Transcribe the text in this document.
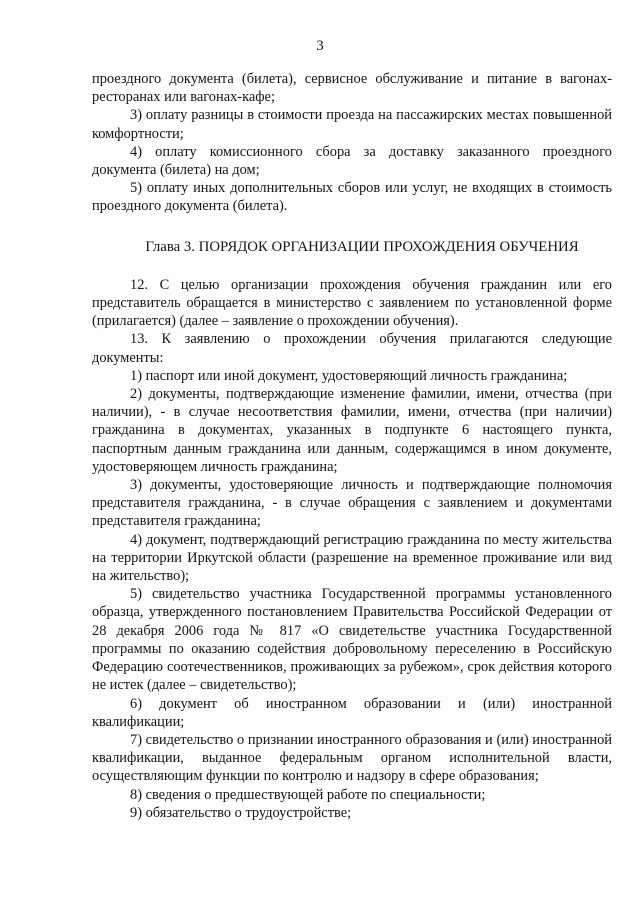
3

проездного документа (билета), сервисное обслуживание и питание в вагонах-ресторанах или вагонах-кафе;

3) оплату разницы в стоимости проезда на пассажирских местах повышенной комфортности;

4) оплату комиссионного сбора за доставку заказанного проездного документа (билета) на дом;

5) оплату иных дополнительных сборов или услуг, не входящих в стоимость проездного документа (билета).

Глава 3. ПОРЯДОК ОРГАНИЗАЦИИ ПРОХОЖДЕНИЯ ОБУЧЕНИЯ

12. С целью организации прохождения обучения гражданин или его представитель обращается в министерство с заявлением по установленной форме (прилагается) (далее – заявление о прохождении обучения).

13. К заявлению о прохождении обучения прилагаются следующие документы:

1) паспорт или иной документ, удостоверяющий личность гражданина;

2) документы, подтверждающие изменение фамилии, имени, отчества (при наличии), - в случае несоответствия фамилии, имени, отчества (при наличии) гражданина в документах, указанных в подпункте 6 настоящего пункта, паспортным данным гражданина или данным, содержащимся в ином документе, удостоверяющем личность гражданина;

3) документы, удостоверяющие личность и подтверждающие полномочия представителя гражданина, - в случае обращения с заявлением и документами представителя гражданина;

4) документ, подтверждающий регистрацию гражданина по месту жительства на территории Иркутской области (разрешение на временное проживание или вид на жительство);

5) свидетельство участника Государственной программы установленного образца, утвержденного постановлением Правительства Российской Федерации от 28 декабря 2006 года № 817 «О свидетельстве участника Государственной программы по оказанию содействия добровольному переселению в Российскую Федерацию соотечественников, проживающих за рубежом», срок действия которого не истек (далее – свидетельство);

6) документ об иностранном образовании и (или) иностранной квалификации;

7) свидетельство о признании иностранного образования и (или) иностранной квалификации, выданное федеральным органом исполнительной власти, осуществляющим функции по контролю и надзору в сфере образования;

8) сведения о предшествующей работе по специальности;

9) обязательство о трудоустройстве;
